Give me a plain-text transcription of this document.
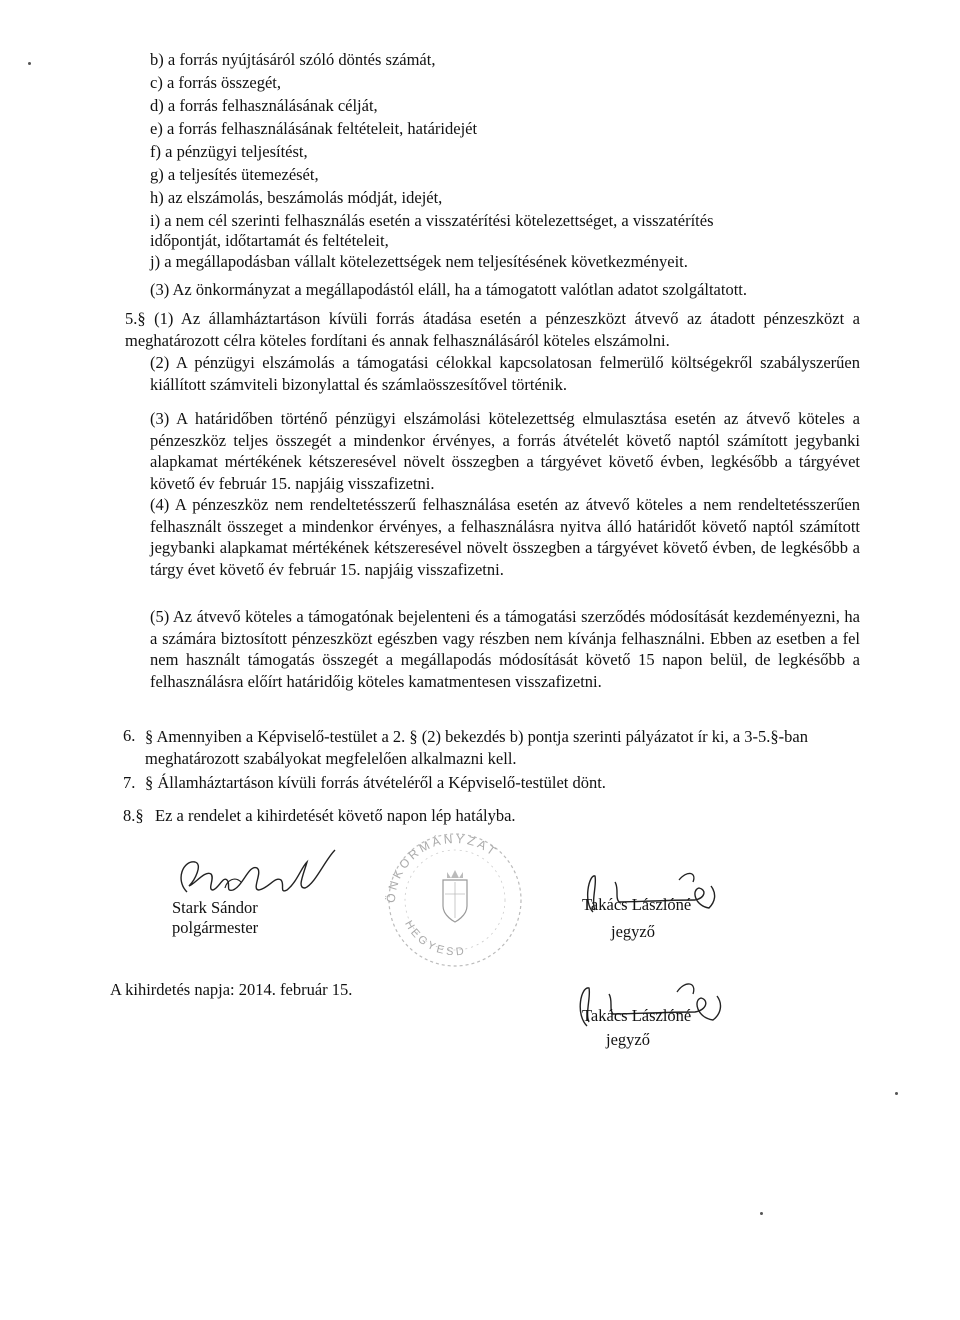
b) a forrás nyújtásáról szóló döntés számát,
c) a forrás összegét,
d) a forrás felhasználásának célját,
e) a forrás felhasználásának feltételeit, határidejét
f) a pénzügyi teljesítést,
g) a teljesítés ütemezését,
h) az elszámolás, beszámolás módját, idejét,
i) a nem cél szerinti felhasználás esetén a visszatérítési kötelezettséget, a visszatérítés
időpontját, időtartamát és feltételeit,
j) a megállapodásban vállalt kötelezettségek nem teljesítésének következményeit.
(3) Az önkormányzat a megállapodástól eláll, ha a támogatott valótlan adatot szolgáltatott.
5.§ (1) Az államháztartáson kívüli forrás átadása esetén a pénzeszközt átvevő az átadott pénzeszközt a meghatározott célra köteles fordítani és annak felhasználásáról köteles elszámolni.
(2) A pénzügyi elszámolás a támogatási célokkal kapcsolatosan felmerülő költségekről szabályszerűen kiállított számviteli bizonylattal és számlaösszesítővel történik.
(3) A határidőben történő pénzügyi elszámolási kötelezettség elmulasztása esetén az átvevő köteles a pénzeszköz teljes összegét a mindenkor érvényes, a forrás átvételét követő naptól számított jegybanki alapkamat mértékének kétszeresével növelt összegben a tárgyévet követő évben, legkésőbb a tárgyévet követő év február 15. napjáig visszafizetni.
(4) A pénzeszköz nem rendeltetésszerű felhasználása esetén az átvevő köteles a nem rendeltetésszerűen felhasznált összeget a mindenkor érvényes, a felhasználásra nyitva álló határidőt követő naptól számított jegybanki alapkamat mértékének kétszeresével növelt összegben a tárgyévet követő évben, de legkésőbb a tárgy évet követő év február 15. napjáig visszafizetni.
(5) Az átvevő köteles a támogatónak bejelenteni és a támogatási szerződés módosítását kezdeményezni, ha a számára biztosított pénzeszközt egészben vagy részben nem kívánja felhasználni. Ebben az esetben a fel nem használt támogatás összegét a megállapodás módosítását követő 15 napon belül, de legkésőbb a felhasználásra előírt határidőig köteles kamatmentesen visszafizetni.
6. § Amennyiben a Képviselő-testület a 2. § (2) bekezdés b) pontja szerinti pályázatot ír ki, a 3-5.§-ban meghatározott szabályokat megfelelően alkalmazni kell.
7. § Államháztartáson kívüli forrás átvételéről a Képviselő-testület dönt.
8.§ Ez a rendelet a kihirdetését követő napon lép hatályba.
Stark Sándor
polgármester
ÖNKORMÁNYZAT
HEGYESD
Takács Lászlóné
jegyző
A kihirdetés napja: 2014. február 15.
Takács Lászlóné
jegyző
